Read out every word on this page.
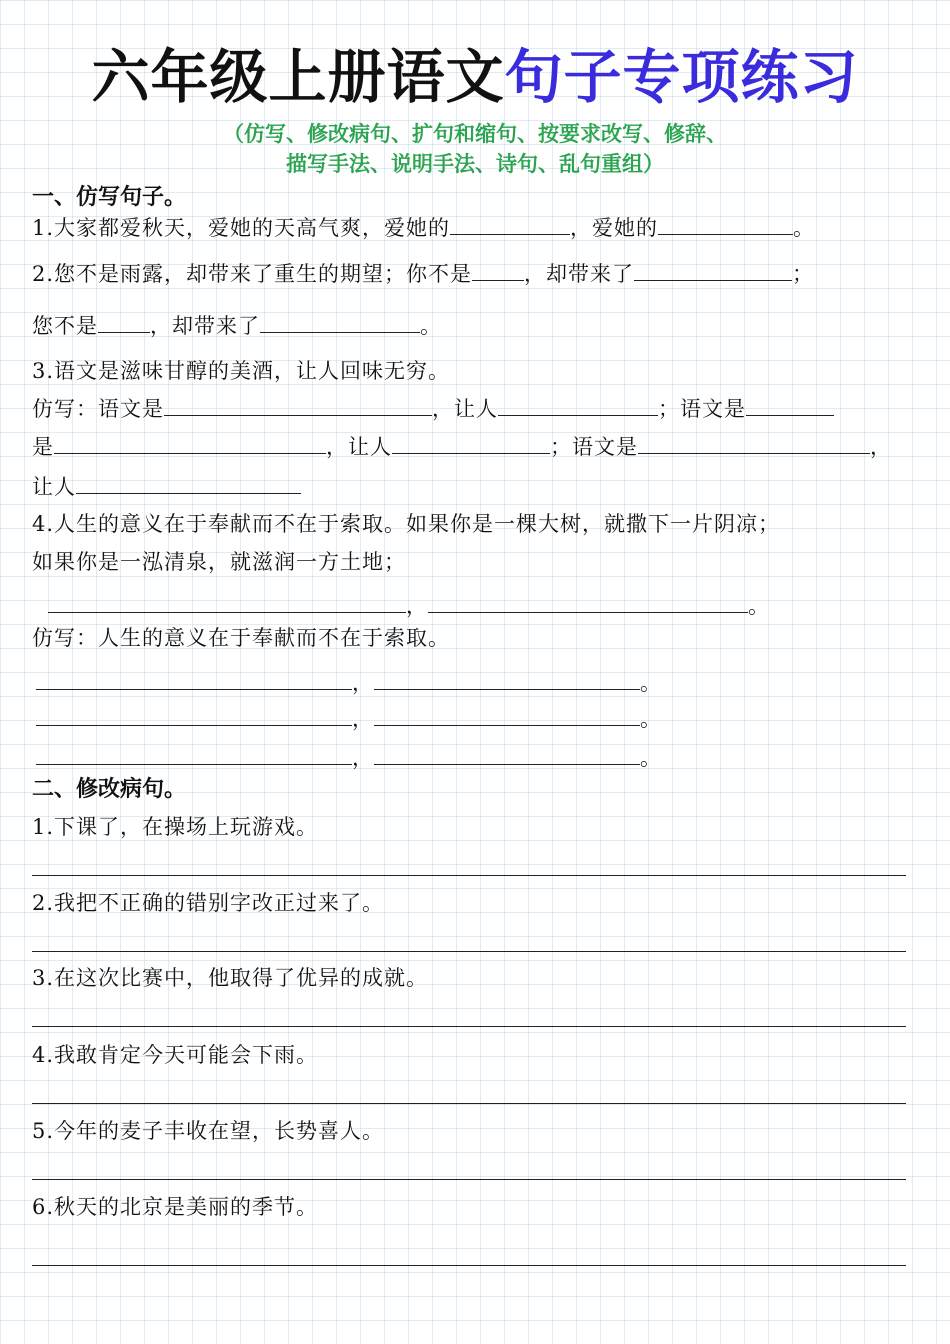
六年级上册语文句子专项练习
（仿写、修改病句、扩句和缩句、按要求改写、修辞、
描写手法、说明手法、诗句、乱句重组）
一、仿写句子。
1.大家都爱秋天，爱她的天高气爽，爱她的	，爱她的	。
2.您不是雨露，却带来了重生的期望；你不是 ，却带来了	；
您不是 ，却带来了	。
3.语文是滋味甘醇的美酒，让人回味无穷。
仿写：语文是	，让人	；语文是
是	，让人	；语文是	，
让人
4.人生的意义在于奉献而不在于索取。如果你是一棵大树，就撒下一片阴凉；
如果你是一泓清泉，就滋润一方土地；
，	。
仿写：人生的意义在于奉献而不在于索取。
，	。
，	。
，	。
二、修改病句。
1.下课了，在操场上玩游戏。
2.我把不正确的错别字改正过来了。
3.在这次比赛中，他取得了优异的成就。
4.我敢肯定今天可能会下雨。
5.今年的麦子丰收在望，长势喜人。
6.秋天的北京是美丽的季节。
